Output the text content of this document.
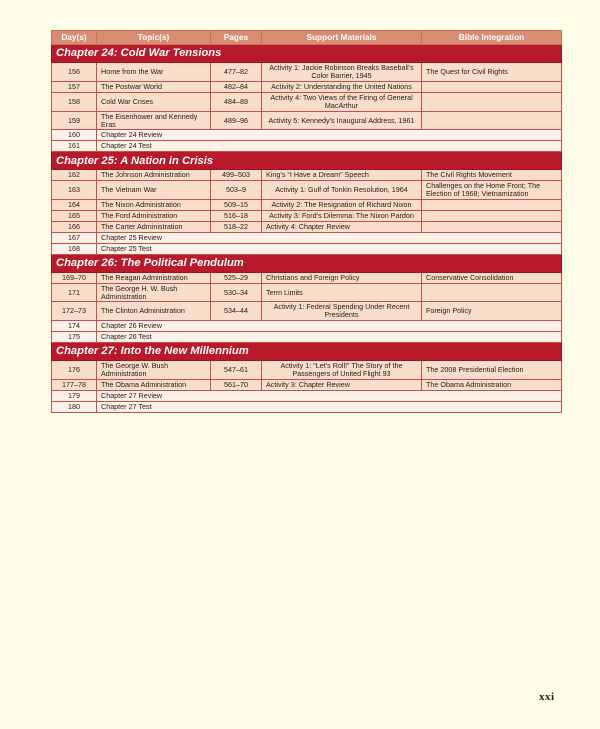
Day(s)	Topic(s)	Pages	Support Materials	Bible Integration
Chapter 24: Cold War Tensions				
156	Home from the War	477–82	Activity 1: Jackie Robinson Breaks Baseball’s Color Barrier, 1945	The Quest for Civil Rights
157	The Postwar World	482–84	Activity 2: Understanding the United Nations	
158	Cold War Crises	484–89	Activity 4: Two Views of the Firing of General MacArthur	
159	The Eisenhower and Kennedy Eras	489–96	Activity 5: Kennedy’s Inaugural Address, 1961	
160	Chapter 24 Review			
161	Chapter 24 Test			
Chapter 25: A Nation in Crisis				
162	The Johnson Administration	499–503	King’s “I Have a Dream” Speech	The Civil Rights Movement
163	The Vietnam War	503–9	Activity 1: Gulf of Tonkin Resolution, 1964	Challenges on the Home Front; The Election of 1968; Vietnamization
164	The Nixon Administration	509–15	Activity 2: The Resignation of Richard Nixon	
165	The Ford Administration	516–18	Activity 3: Ford’s Dilemma: The Nixon Pardon	
166	The Carter Administration	518–22	Activity 4: Chapter Review	
167	Chapter 25 Review			
168	Chapter 25 Test			
Chapter 26: The Political Pendulum				
169–70	The Reagan Administration	525–29	Christians and Foreign Policy	Conservative Consolidation
171	The George H. W. Bush Administration	530–34	Term Limits	
172–73	The Clinton Administration	534–44	Activity 1: Federal Spending Under Recent Presidents	Foreign Policy
174	Chapter 26 Review			
175	Chapter 26 Test			
Chapter 27: Into the New Millennium				
176	The George W. Bush Administration	547–61	Activity 1: “Let’s Roll!” The Story of the Passengers of United Flight 93	The 2008 Presidential Election
177–78	The Obama Administration	561–70	Activity 3: Chapter Review	The Obama Administration
179	Chapter 27 Review			
180	Chapter 27 Test			
xxi
